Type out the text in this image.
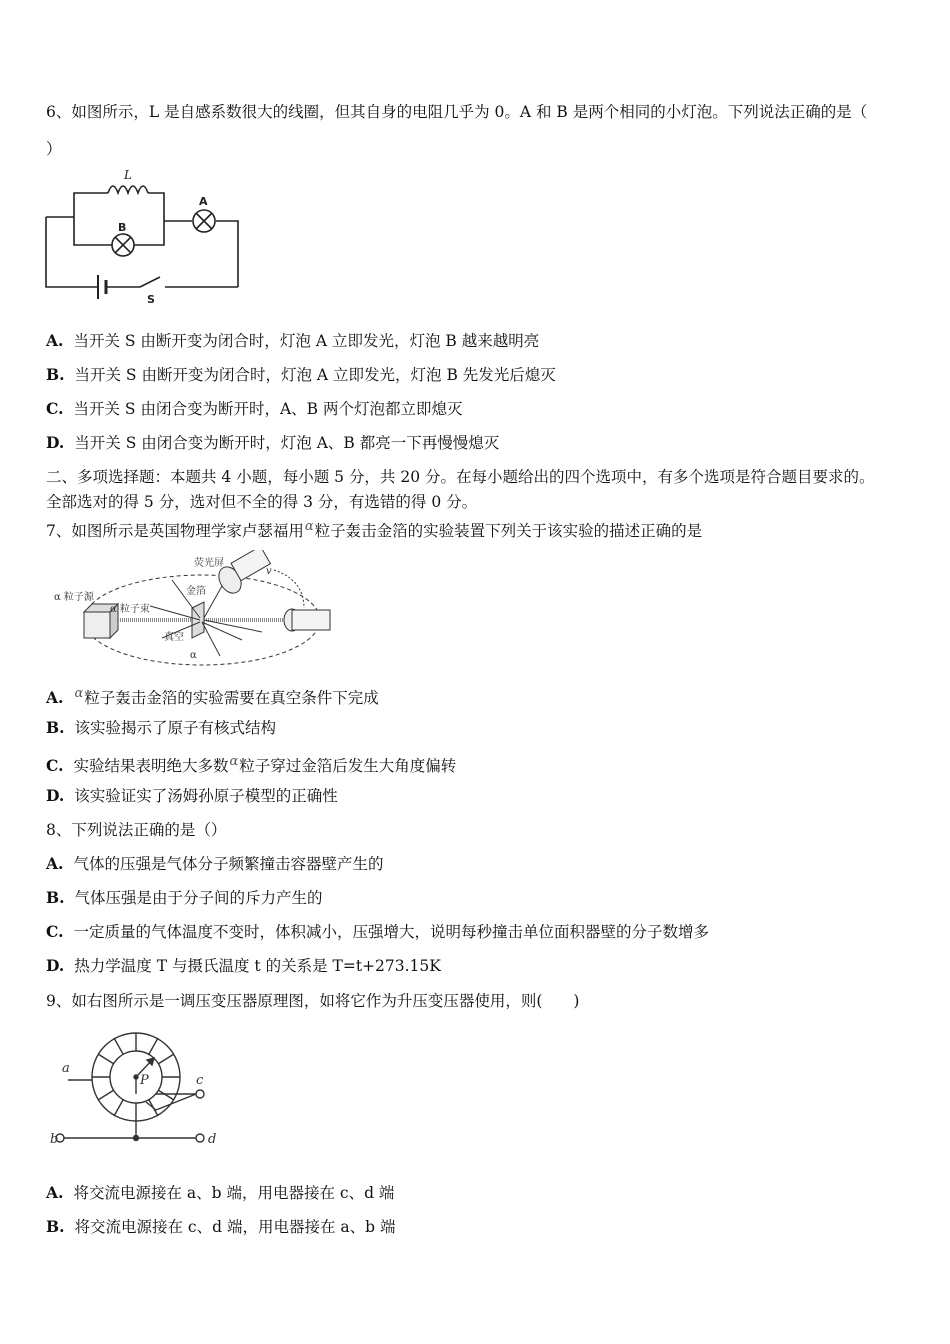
6、如图所示，L 是自感系数很大的线圈，但其自身的电阻几乎为 0。A 和 B 是两个相同的小灯泡。下列说法正确的是（
）
L
B
A
S
A. 当开关 S 由断开变为闭合时，灯泡 A 立即发光，灯泡 B 越来越明亮
B. 当开关 S 由断开变为闭合时，灯泡 A 立即发光，灯泡 B 先发光后熄灭
C. 当开关 S 由闭合变为断开时，A、B 两个灯泡都立即熄灭
D. 当开关 S 由闭合变为断开时，灯泡 A、B 都亮一下再慢慢熄灭
二、多项选择题：本题共 4 小题，每小题 5 分，共 20 分。在每小题给出的四个选项中，有多个选项是符合题目要求的。
全部选对的得 5 分，选对但不全的得 3 分，有选错的得 0 分。
7、如图所示是英国物理学家卢瑟福用$^\alpha$粒子轰击金箔的实验装置下列关于该实验的描述正确的是
荧光屏
α 粒子源
α 粒子束
金箔
真空
α
v
A. $^\alpha$粒子轰击金箔的实验需要在真空条件下完成
B. 该实验揭示了原子有核式结构
C. 实验结果表明绝大多数$^\alpha$粒子穿过金箔后发生大角度偏转
D. 该实验证实了汤姆孙原子模型的正确性
8、下列说法正确的是（）
A. 气体的压强是气体分子频繁撞击容器壁产生的
B. 气体压强是由于分子间的斥力产生的
C. 一定质量的气体温度不变时，体积减小，压强增大，说明每秒撞击单位面积器壁的分子数增多
D. 热力学温度 T 与摄氏温度 t 的关系是 T=t+273.15K
9、如右图所示是一调压变压器原理图，如将它作为升压变压器使用，则(　　)
a
b
c
d
P
A. 将交流电源接在 a、b 端，用电器接在 c、d 端
B. 将交流电源接在 c、d 端，用电器接在 a、b 端
